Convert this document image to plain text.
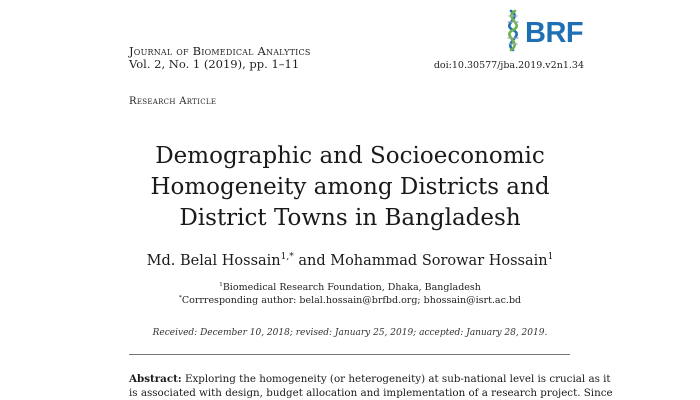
Journal of Biomedical Analytics
Vol. 2, No. 1 (2019), pp. 1–11	doi:10.30577/jba.2019.v2n1.34
BRF
Research Article
Demographic and Socioeconomic
Homogeneity among Districts and
District Towns in Bangladesh
Md. Belal Hossain$^{1,*}$ and Mohammad Sorowar Hossain$^1$
$^1$Biomedical Research Foundation, Dhaka, Bangladesh
*Corrresponding author: belal.hossain@brfbd.org; bhossain@isrt.ac.bd
Received: December 10, 2018; revised: January 25, 2019; accepted: January 28, 2019.
Abstract: Exploring the homogeneity (or heterogeneity) at sub-national level is crucial as it
is associated with design, budget allocation and implementation of a research project. Since
